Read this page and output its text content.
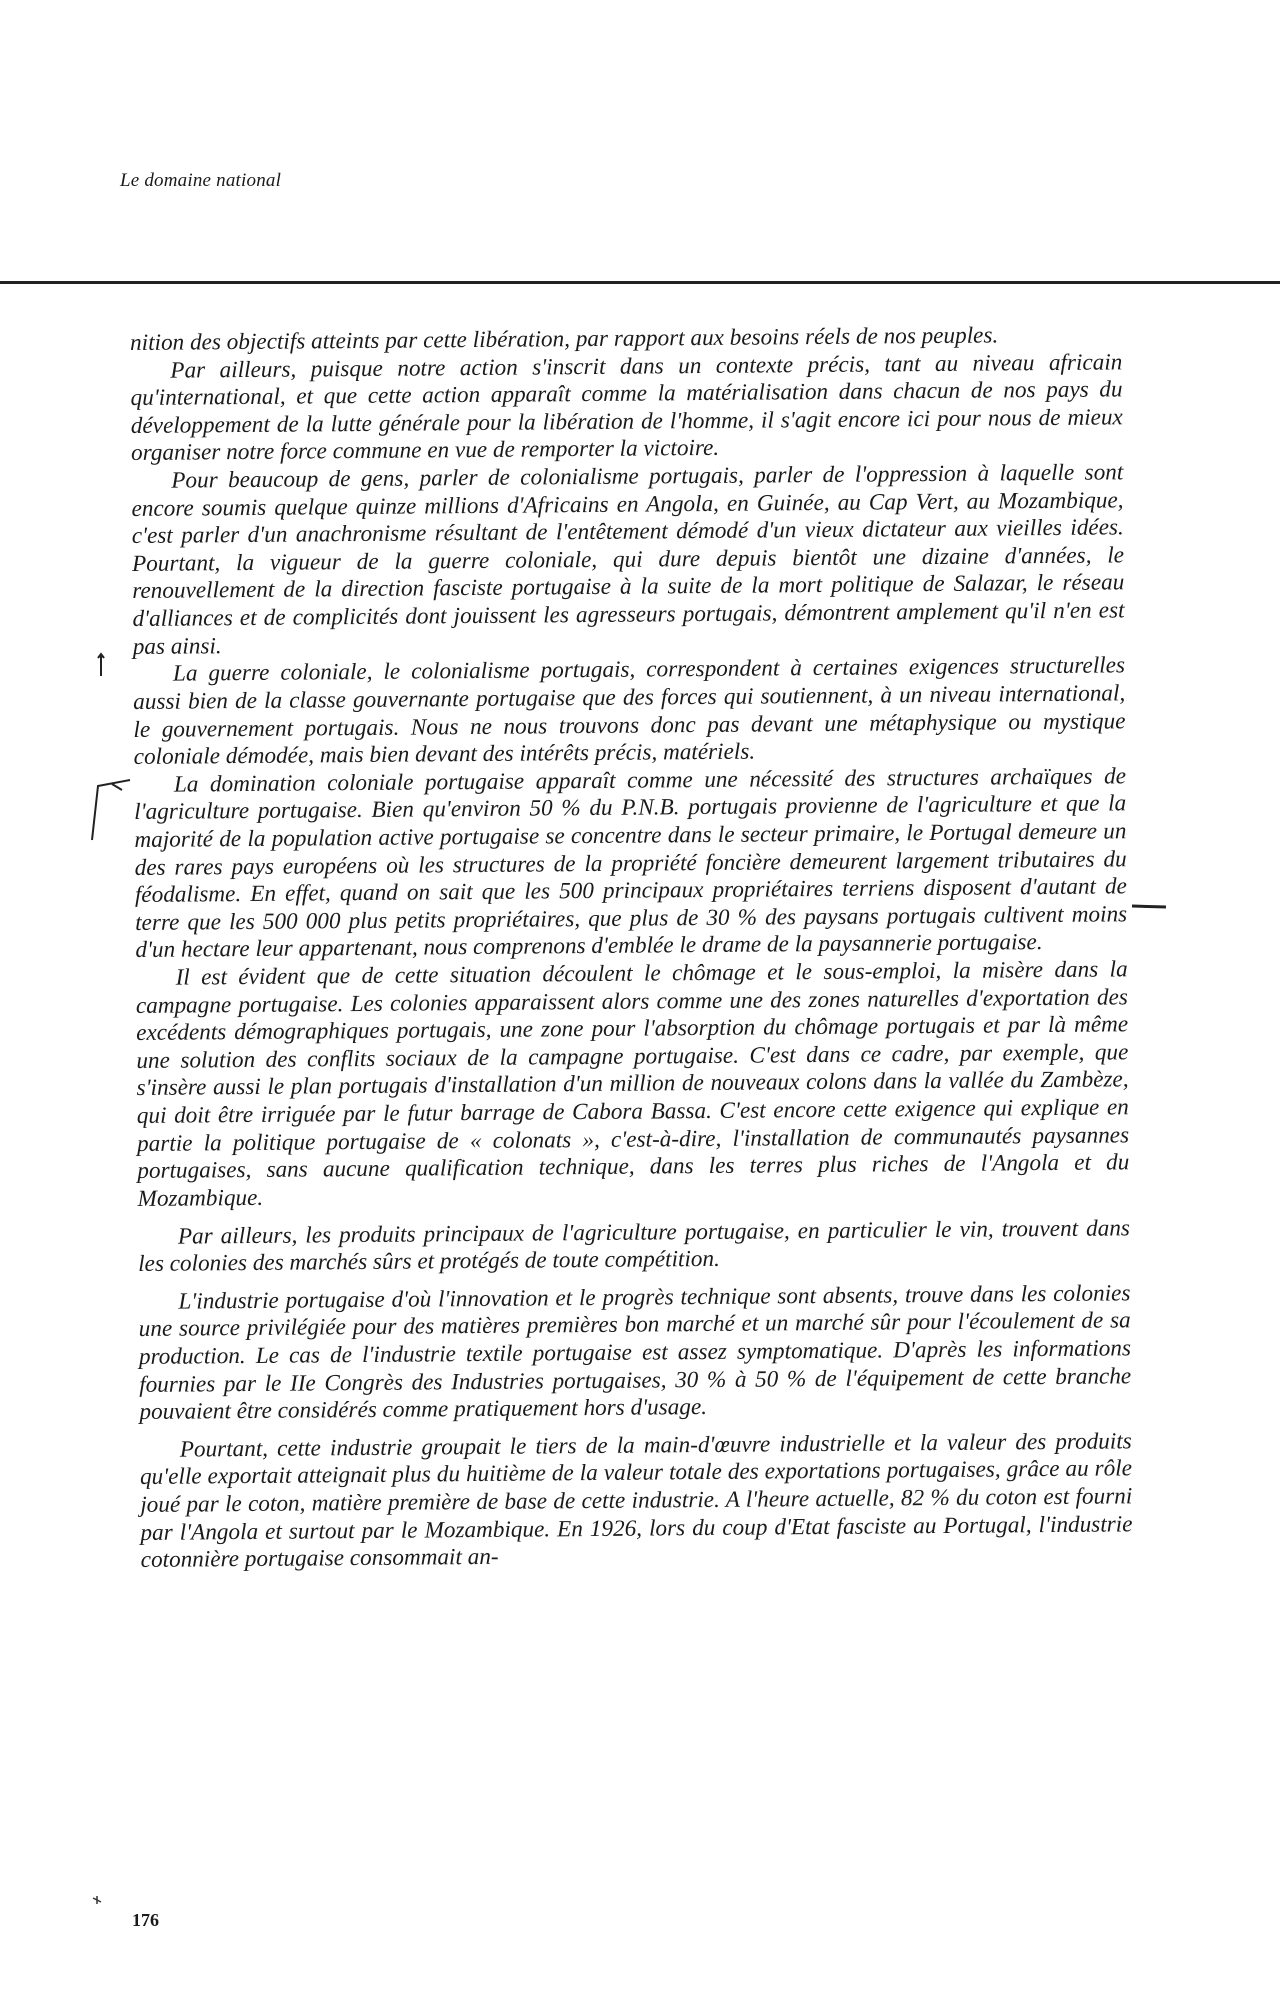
Le domaine national

nition des objectifs atteints par cette libération, par rapport aux besoins réels de nos peuples.

Par ailleurs, puisque notre action s'inscrit dans un contexte précis, tant au niveau africain qu'international, et que cette action apparaît comme la matérialisation dans chacun de nos pays du développement de la lutte générale pour la libération de l'homme, il s'agit encore ici pour nous de mieux organiser notre force commune en vue de remporter la victoire.

Pour beaucoup de gens, parler de colonialisme portugais, parler de l'oppression à laquelle sont encore soumis quelque quinze millions d'Africains en Angola, en Guinée, au Cap Vert, au Mozambique, c'est parler d'un anachronisme résultant de l'entêtement démodé d'un vieux dictateur aux vieilles idées. Pourtant, la vigueur de la guerre coloniale, qui dure depuis bientôt une dizaine d'années, le renouvellement de la direction fasciste portugaise à la suite de la mort politique de Salazar, le réseau d'alliances et de complicités dont jouissent les agresseurs portugais, démontrent amplement qu'il n'en est pas ainsi.

La guerre coloniale, le colonialisme portugais, correspondent à certaines exigences structurelles aussi bien de la classe gouvernante portugaise que des forces qui soutiennent, à un niveau international, le gouvernement portugais. Nous ne nous trouvons donc pas devant une métaphysique ou mystique coloniale démodée, mais bien devant des intérêts précis, matériels.

La domination coloniale portugaise apparaît comme une nécessité des structures archaïques de l'agriculture portugaise. Bien qu'environ 50 % du P.N.B. portugais provienne de l'agriculture et que la majorité de la population active portugaise se concentre dans le secteur primaire, le Portugal demeure un des rares pays européens où les structures de la propriété foncière demeurent largement tributaires du féodalisme. En effet, quand on sait que les 500 principaux propriétaires terriens disposent d'autant de terre que les 500 000 plus petits propriétaires, que plus de 30 % des paysans portugais cultivent moins d'un hectare leur appartenant, nous comprenons d'emblée le drame de la paysannerie portugaise.

Il est évident que de cette situation découlent le chômage et le sous-emploi, la misère dans la campagne portugaise. Les colonies apparaissent alors comme une des zones naturelles d'exportation des excédents démographiques portugais, une zone pour l'absorption du chômage portugais et par là même une solution des conflits sociaux de la campagne portugaise. C'est dans ce cadre, par exemple, que s'insère aussi le plan portugais d'installation d'un million de nouveaux colons dans la vallée du Zambèze, qui doit être irriguée par le futur barrage de Cabora Bassa. C'est encore cette exigence qui explique en partie la politique portugaise de « colonats », c'est-à-dire, l'installation de communautés paysannes portugaises, sans aucune qualification technique, dans les terres plus riches de l'Angola et du Mozambique.

Par ailleurs, les produits principaux de l'agriculture portugaise, en particulier le vin, trouvent dans les colonies des marchés sûrs et protégés de toute compétition.

L'industrie portugaise d'où l'innovation et le progrès technique sont absents, trouve dans les colonies une source privilégiée pour des matières premières bon marché et un marché sûr pour l'écoulement de sa production. Le cas de l'industrie textile portugaise est assez symptomatique. D'après les informations fournies par le IIe Congrès des Industries portugaises, 30 % à 50 % de l'équipement de cette branche pouvaient être considérés comme pratiquement hors d'usage.

Pourtant, cette industrie groupait le tiers de la main-d'œuvre industrielle et la valeur des produits qu'elle exportait atteignait plus du huitième de la valeur totale des exportations portugaises, grâce au rôle joué par le coton, matière première de base de cette industrie. A l'heure actuelle, 82 % du coton est fourni par l'Angola et surtout par le Mozambique. En 1926, lors du coup d'Etat fasciste au Portugal, l'industrie cotonnière portugaise consommait an-

176
